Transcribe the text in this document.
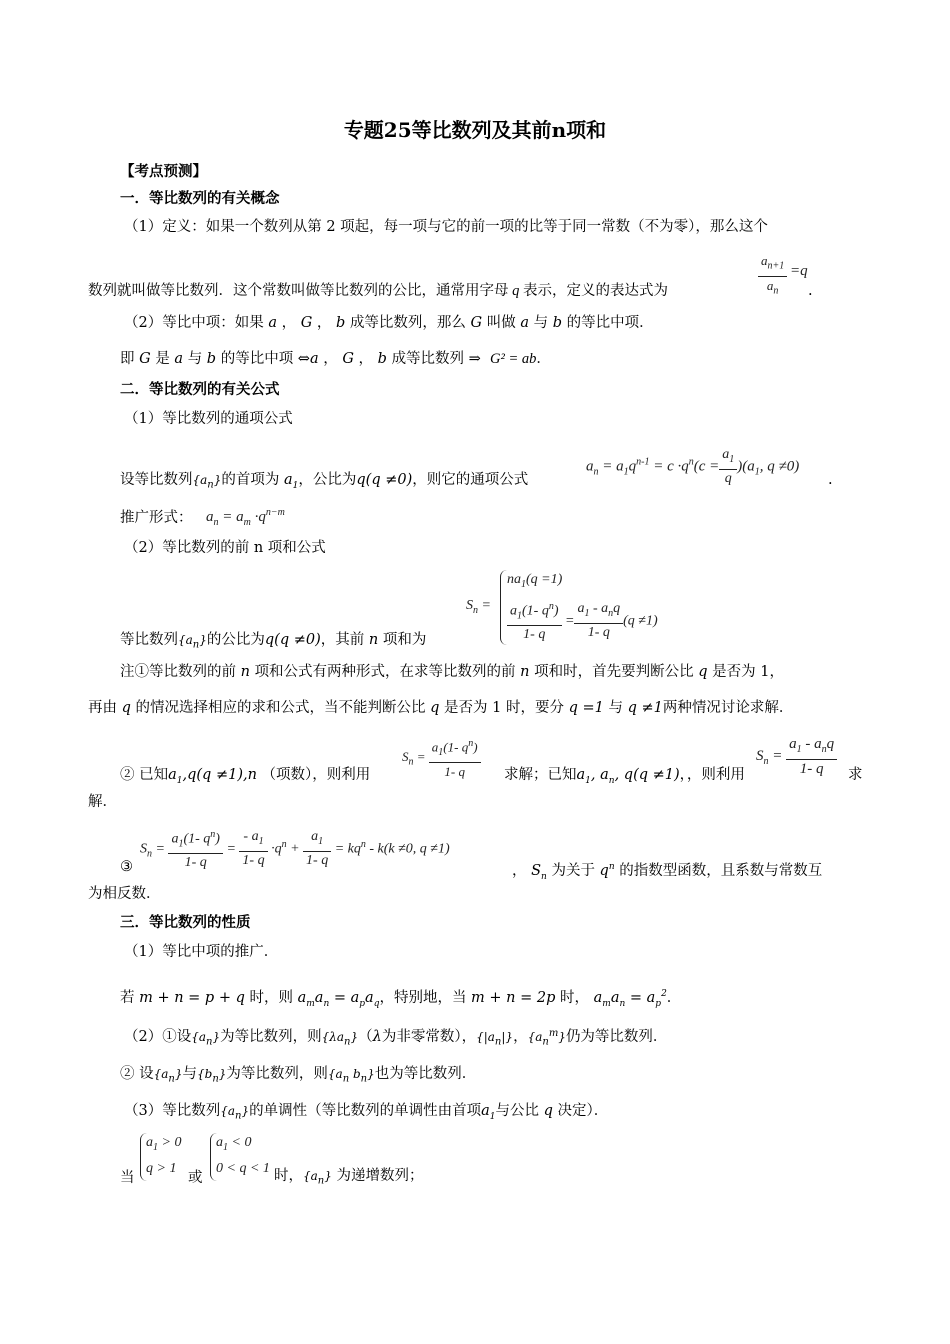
专题25等比数列及其前n项和
【考点预测】
一．等比数列的有关概念
（1）定义：如果一个数列从第 2 项起，每一项与它的前一项的比等于同一常数（不为零），那么这个
数列就叫做等比数列．这个常数叫做等比数列的公比，通常用字母 q 表示，定义的表达式为	$\frac{a_{n+1}}{a_n} =q$
.
（2）等比中项：如果 a ， G ， b 成等比数列，那么 G 叫做 a 与 b 的等比中项．
即 G 是 a 与 b 的等比中项 ⇔a ， G ， b 成等比数列 ⇒  G² = ab．
二．等比数列的有关公式
（1）等比数列的通项公式
设等比数列$\{a_n\}$的首项为 $a_1$，公比为q(q ≠0)，则它的通项公式
$a_n = a_1q^{n-1} = c \cdot q^n(c = \frac{a_1}{q} )(a_1$, q ≠0)
.
推广形式： $a_n = a_m \cdot q^{n-m}$
（2）等比数列的前 n 项和公式
等比数列$\{a_n\}$的公比为q(q ≠0)，其前 n 项和为
$S_n$ =
$na_1(q =1)$
$\frac{a_1(1- q^n)}{1- q} = \frac{a_1 - a_nq}{1- q} (q \ne 1)$
注①等比数列的前 n 项和公式有两种形式，在求等比数列的前 n 项和时，首先要判断公比 q 是否为 1，
再由 q 的情况选择相应的求和公式，当不能判断公比 q 是否为 1 时，要分 q =1 与 q ≠1两种情况讨论求解．
② 已知$a_1,q(q \ne 1),n$ （项数），则利用
$S_n = \frac{a_1(1- q^n)}{1- q}$ 求解；已知$a_1$, $a_n$, q(q ≠1)，，则利用
$S_n = \frac{a_1 - a_nq}{1- q}$ 求
解．
③
$S_n = \frac{a_1(1- q^n)}{1- q} = \frac{- a_1}{1- q} \cdot q^n + \frac{a_1}{1- q} = kq^n - k(k \ne 0$, q ≠1)
， $S_n$ 为关于 $q^n$ 的指数型函数，且系数与常数互
为相反数．
三．等比数列的性质
（1）等比中项的推广．
若 m + n = p + q 时，则 $a_ma_n = a_pa_q$，特别地，当 m + n = 2p 时， $a_ma_n = a_p^2$．
（2）①设$\{a_n\}$为等比数列，则$\{\lambda a_n\}(\lambda$为非零常数），$\{|a_n|\}$，$\{a_n^m\}$仍为等比数列．
② 设$\{a_n\}$与$\{b_n\}$为等比数列，则{$a_n$ $b_n$}也为等比数列．
（3）等比数列$\{a_n\}$的单调性（等比数列的单调性由首项$a_1$与公比 q 决定）．
$a_1 > 0$
q > 1
$a_1 < 0$
0 < q < 1
当	或	时，$\{a_n\}$ 为递增数列；
